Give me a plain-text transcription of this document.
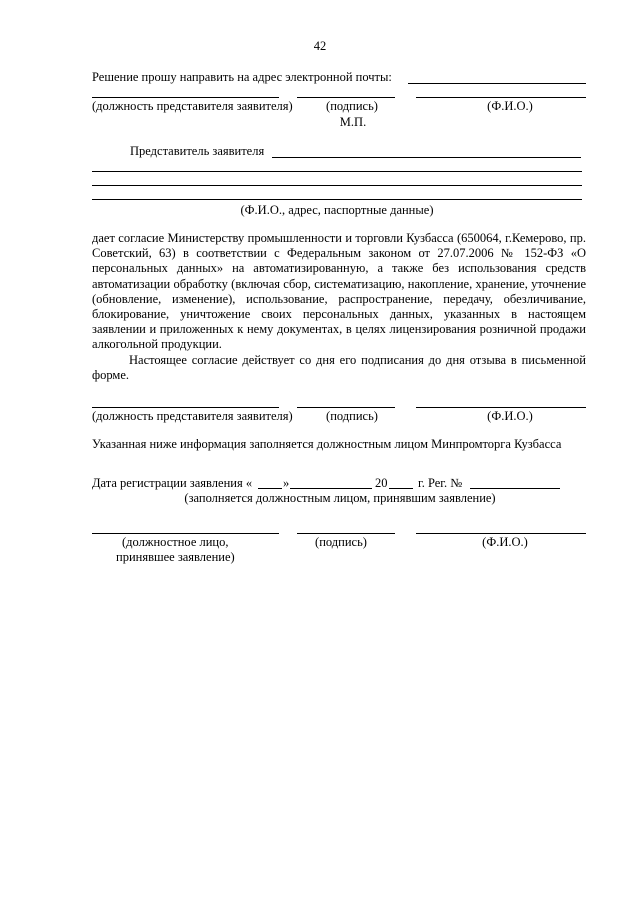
42
Решение прошу направить на адрес электронной почты:
(должность представителя заявителя)	(подпись)	(Ф.И.О.)
М.П.
Представитель заявителя
(Ф.И.О., адрес, паспортные данные)

дает согласие Министерству промышленности и торговли Кузбасса (650064, г.Кемерово, пр. Советский, 63) в соответствии с Федеральным законом от 27.07.2006 № 152-ФЗ «О персональных данных» на автоматизированную, а также без использования средств автоматизации обработку (включая сбор, систематизацию, накопление, хранение, уточнение (обновление, изменение), использование, распространение, передачу, обезличивание, блокирование, уничтожение своих персональных данных, указанных в настоящем заявлении и приложенных к нему документах, в целях лицензирования розничной продажи алкогольной продукции.

Настоящее согласие действует со дня его подписания до дня отзыва в письменной форме.

(должность представителя заявителя)	(подпись)	(Ф.И.О.)
Указанная ниже информация заполняется должностным лицом Минпромторга Кузбасса
Дата регистрации заявления « »	20 г. Рег. №
(заполняется должностным лицом, принявшим заявление)
(должностное лицо,
принявшее заявление)
(подпись)	(Ф.И.О.)
